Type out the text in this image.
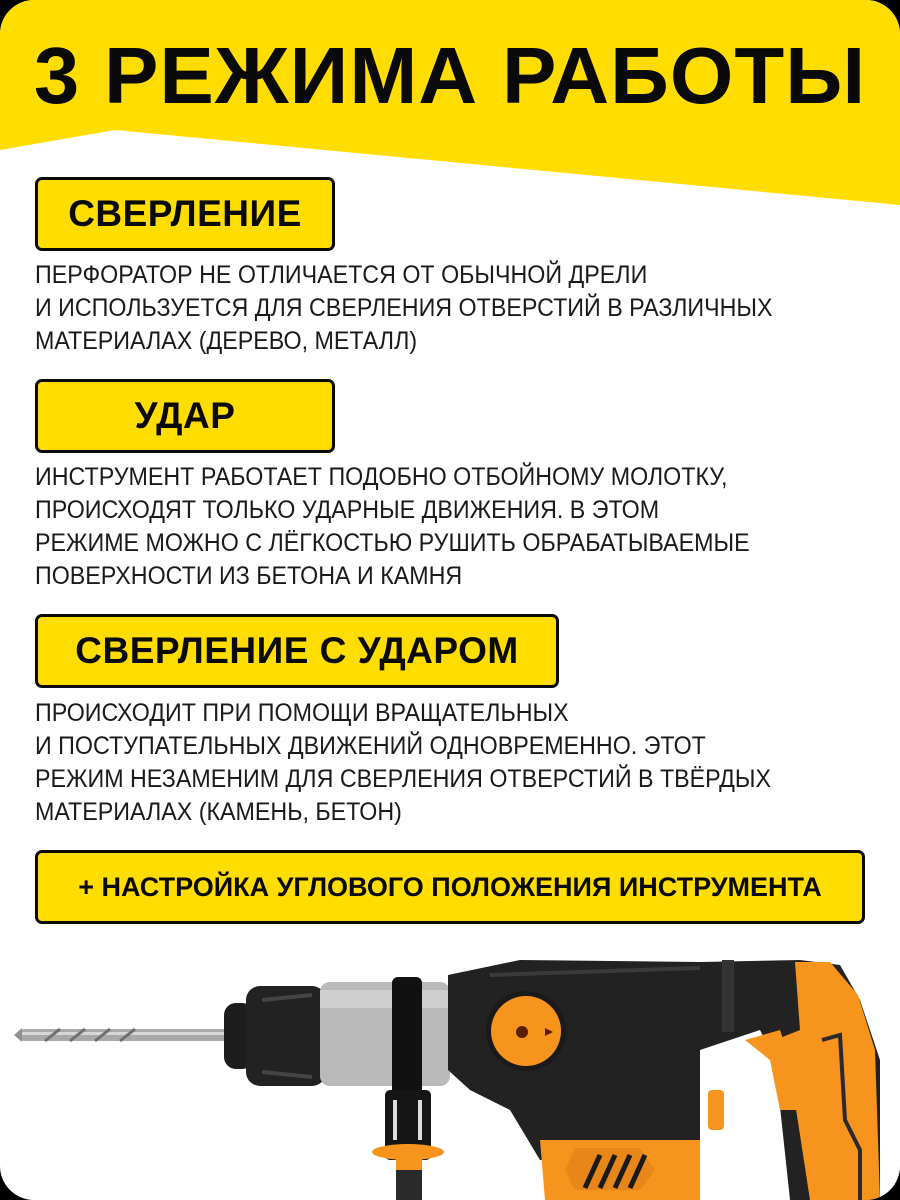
3 РЕЖИМА РАБОТЫ
СВЕРЛЕНИЕ
ПЕРФОРАТОР НЕ ОТЛИЧАЕТСЯ ОТ ОБЫЧНОЙ ДРЕЛИ
И ИСПОЛЬЗУЕТСЯ ДЛЯ СВЕРЛЕНИЯ ОТВЕРСТИЙ В РАЗЛИЧНЫХ
МАТЕРИАЛАХ (ДЕРЕВО, МЕТАЛЛ)
УДАР
ИНСТРУМЕНТ РАБОТАЕТ ПОДОБНО ОТБОЙНОМУ МОЛОТКУ,
ПРОИСХОДЯТ ТОЛЬКО УДАРНЫЕ ДВИЖЕНИЯ. В ЭТОМ
РЕЖИМЕ МОЖНО С ЛЁГКОСТЬЮ РУШИТЬ ОБРАБАТЫВАЕМЫЕ
ПОВЕРХНОСТИ ИЗ БЕТОНА И КАМНЯ
СВЕРЛЕНИЕ С УДАРОМ
ПРОИСХОДИТ ПРИ ПОМОЩИ ВРАЩАТЕЛЬНЫХ
И ПОСТУПАТЕЛЬНЫХ ДВИЖЕНИЙ ОДНОВРЕМЕННО. ЭТОТ
РЕЖИМ НЕЗАМЕНИМ ДЛЯ СВЕРЛЕНИЯ ОТВЕРСТИЙ В ТВЁРДЫХ
МАТЕРИАЛАХ (КАМЕНЬ, БЕТОН)
+ НАСТРОЙКА УГЛОВОГО ПОЛОЖЕНИЯ ИНСТРУМЕНТА
